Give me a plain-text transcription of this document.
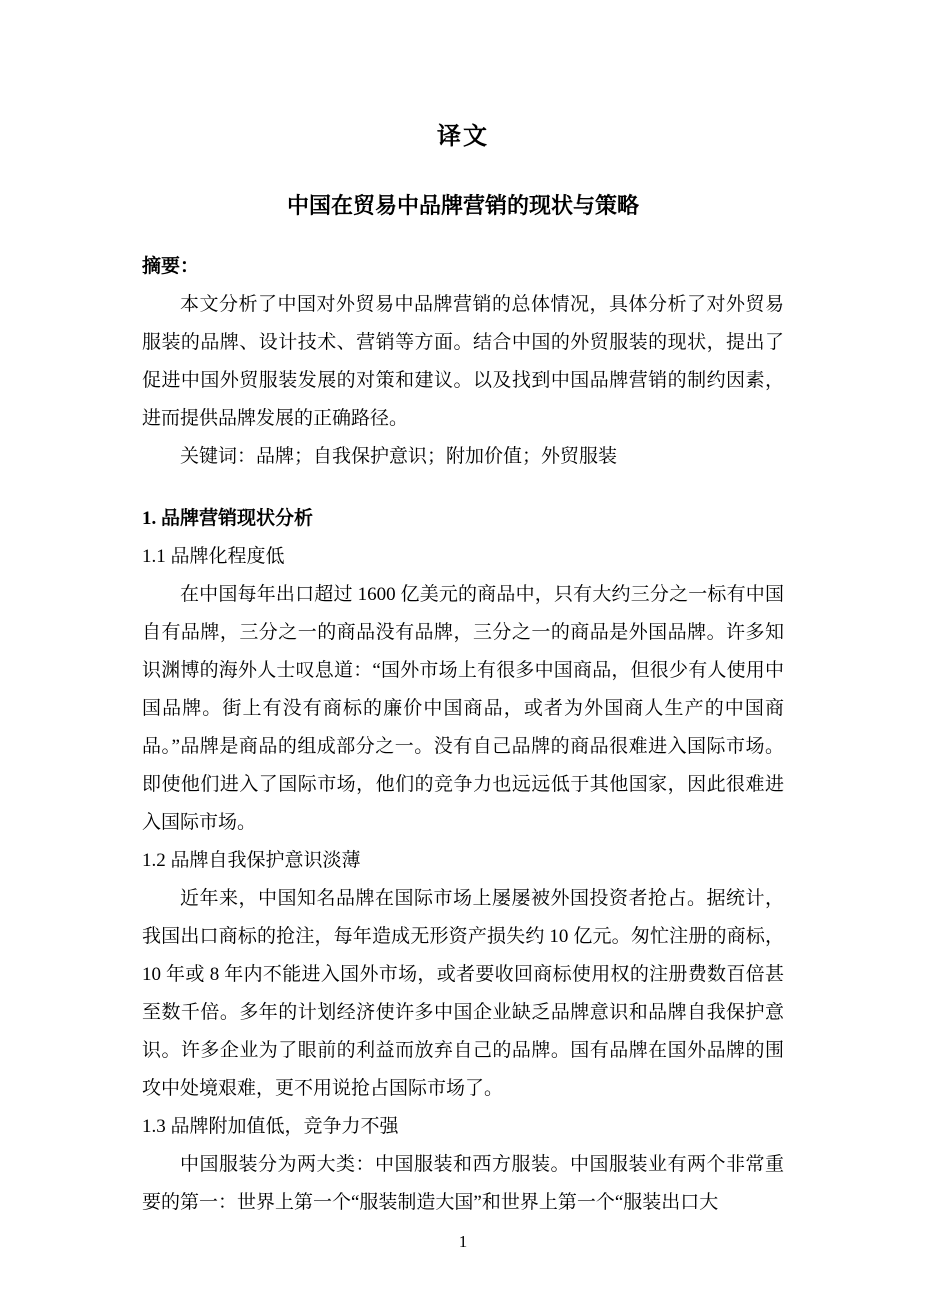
译文
中国在贸易中品牌营销的现状与策略
摘要：

本文分析了中国对外贸易中品牌营销的总体情况，具体分析了对外贸易服装的品牌、设计技术、营销等方面。结合中国的外贸服装的现状，提出了促进中国外贸服装发展的对策和建议。以及找到中国品牌营销的制约因素，进而提供品牌发展的正确路径。

关键词：品牌；自我保护意识；附加价值；外贸服装

1. 品牌营销现状分析
1.1 品牌化程度低

在中国每年出口超过 1600 亿美元的商品中，只有大约三分之一标有中国自有品牌，三分之一的商品没有品牌，三分之一的商品是外国品牌。许多知识渊博的海外人士叹息道：“国外市场上有很多中国商品，但很少有人使用中国品牌。街上有没有商标的廉价中国商品，或者为外国商人生产的中国商品。”品牌是商品的组成部分之一。没有自己品牌的商品很难进入国际市场。即使他们进入了国际市场，他们的竞争力也远远低于其他国家，因此很难进入国际市场。

1.2 品牌自我保护意识淡薄

近年来，中国知名品牌在国际市场上屡屡被外国投资者抢占。据统计，我国出口商标的抢注，每年造成无形资产损失约 10 亿元。匆忙注册的商标，10 年或 8 年内不能进入国外市场，或者要收回商标使用权的注册费数百倍甚至数千倍。多年的计划经济使许多中国企业缺乏品牌意识和品牌自我保护意识。许多企业为了眼前的利益而放弃自己的品牌。国有品牌在国外品牌的围攻中处境艰难，更不用说抢占国际市场了。

1.3 品牌附加值低，竞争力不强

中国服装分为两大类：中国服装和西方服装。中国服装业有两个非常重要的第一：世界上第一个“服装制造大国”和世界上第一个“服装出口大

1
